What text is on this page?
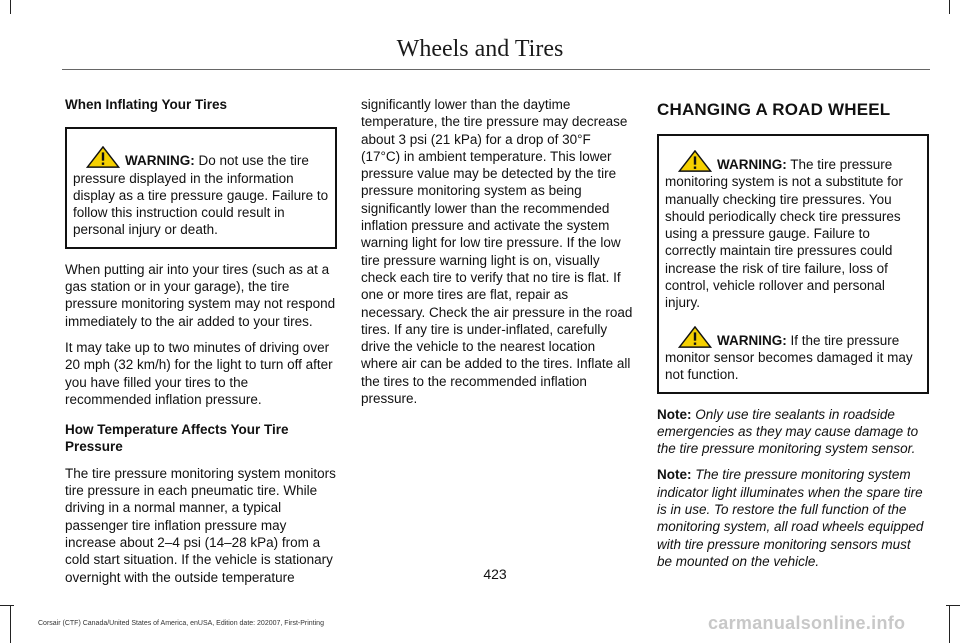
Wheels and Tires
When Inflating Your Tires
WARNING: Do not use the tire pressure displayed in the information display as a tire pressure gauge. Failure to follow this instruction could result in personal injury or death.

When putting air into your tires (such as at a gas station or in your garage), the tire pressure monitoring system may not respond immediately to the air added to your tires.

It may take up to two minutes of driving over 20 mph (32 km/h) for the light to turn off after you have filled your tires to the recommended inflation pressure.

How Temperature Affects Your Tire Pressure

The tire pressure monitoring system monitors tire pressure in each pneumatic tire. While driving in a normal manner, a typical passenger tire inflation pressure may increase about 2–4 psi (14–28 kPa) from a cold start situation. If the vehicle is stationary overnight with the outside temperature

significantly lower than the daytime temperature, the tire pressure may decrease about 3 psi (21 kPa) for a drop of 30°F (17°C) in ambient temperature. This lower pressure value may be detected by the tire pressure monitoring system as being significantly lower than the recommended inflation pressure and activate the system warning light for low tire pressure. If the low tire pressure warning light is on, visually check each tire to verify that no tire is flat. If one or more tires are flat, repair as necessary. Check the air pressure in the road tires. If any tire is under-inflated, carefully drive the vehicle to the nearest location where air can be added to the tires. Inflate all the tires to the recommended inflation pressure.

CHANGING A ROAD WHEEL
WARNING: The tire pressure monitoring system is not a substitute for manually checking tire pressures. You should periodically check tire pressures using a pressure gauge. Failure to correctly maintain tire pressures could increase the risk of tire failure, loss of control, vehicle rollover and personal injury.
WARNING: If the tire pressure monitor sensor becomes damaged it may not function.

Note: Only use tire sealants in roadside emergencies as they may cause damage to the tire pressure monitoring system sensor.

Note: The tire pressure monitoring system indicator light illuminates when the spare tire is in use. To restore the full function of the monitoring system, all road wheels equipped with tire pressure monitoring sensors must be mounted on the vehicle.

423
Corsair (CTF) Canada/United States of America, enUSA, Edition date: 202007, First-Printing	carmanualsonline.info
